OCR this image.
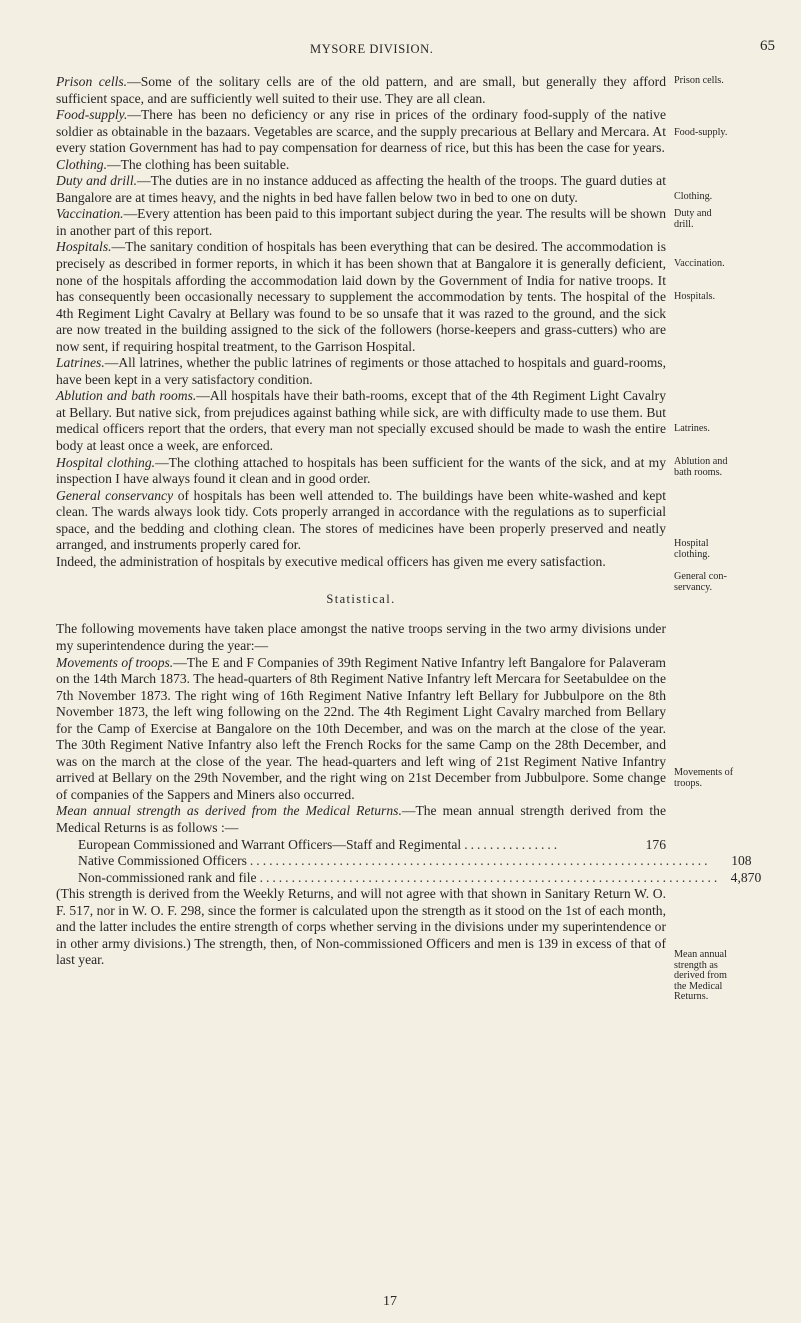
MYSORE DIVISION.	65

Prison cells.—Some of the solitary cells are of the old pattern, and are small, but generally they afford sufficient space, and are sufficiently well suited to their use. They are all clean.

Food-supply.—There has been no deficiency or any rise in prices of the ordinary food-supply of the native soldier as obtainable in the bazaars. Vegetables are scarce, and the supply precarious at Bellary and Mercara. At every station Government has had to pay compensation for dearness of rice, but this has been the case for years.

Clothing.—The clothing has been suitable.

Duty and drill.—The duties are in no instance adduced as affecting the health of the troops. The guard duties at Bangalore are at times heavy, and the nights in bed have fallen below two in bed to one on duty.

Vaccination.—Every attention has been paid to this important subject during the year. The results will be shown in another part of this report.

Hospitals.—The sanitary condition of hospitals has been everything that can be desired. The accommodation is precisely as described in former reports, in which it has been shown that at Bangalore it is generally deficient, none of the hospitals affording the accommodation laid down by the Government of India for native troops. It has consequently been occasionally necessary to supplement the accommodation by tents. The hospital of the 4th Regiment Light Cavalry at Bellary was found to be so unsafe that it was razed to the ground, and the sick are now treated in the building assigned to the sick of the followers (horse-keepers and grass-cutters) who are now sent, if requiring hospital treatment, to the Garrison Hospital.

Latrines.—All latrines, whether the public latrines of regiments or those attached to hospitals and guard-rooms, have been kept in a very satisfactory condition.

Ablution and bath rooms.—All hospitals have their bath-rooms, except that of the 4th Regiment Light Cavalry at Bellary. But native sick, from prejudices against bathing while sick, are with difficulty made to use them. But medical officers report that the orders, that every man not specially excused should be made to wash the entire body at least once a week, are enforced.

Hospital clothing.—The clothing attached to hospitals has been sufficient for the wants of the sick, and at my inspection I have always found it clean and in good order.

General conservancy of hospitals has been well attended to. The buildings have been white-washed and kept clean. The wards always look tidy. Cots properly arranged in accordance with the regulations as to superficial space, and the bedding and clothing clean. The stores of medicines have been properly preserved and neatly arranged, and instruments properly cared for.

Indeed, the administration of hospitals by executive medical officers has given me every satisfaction.

Statistical.

The following movements have taken place amongst the native troops serving in the two army divisions under my superintendence during the year:—

Movements of troops.—The E and F Companies of 39th Regiment Native Infantry left Bangalore for Palaveram on the 14th March 1873. The head-quarters of 8th Regiment Native Infantry left Mercara for Seetabuldee on the 7th November 1873. The right wing of 16th Regiment Native Infantry left Bellary for Jubbulpore on the 8th November 1873, the left wing following on the 22nd. The 4th Regiment Light Cavalry marched from Bellary for the Camp of Exercise at Bangalore on the 10th December, and was on the march at the close of the year. The 30th Regiment Native Infantry also left the French Rocks for the same Camp on the 28th December, and was on the march at the close of the year. The head-quarters and left wing of 21st Regiment Native Infantry arrived at Bellary on the 29th November, and the right wing on 21st December from Jubbulpore. Some change of companies of the Sappers and Miners also occurred.

Mean annual strength as derived from the Medical Returns.—The mean annual strength derived from the Medical Returns is as follows :—

European Commissioned and Warrant Officers—Staff and Regimental ...............	176
Native Commissioned Officers ........................................................................	108
Non-commissioned rank and file ........................................................................ 4,870

(This strength is derived from the Weekly Returns, and will not agree with that shown in Sanitary Return W. O. F. 517, nor in W. O. F. 298, since the former is calculated upon the strength as it stood on the 1st of each month, and the latter includes the entire strength of corps whether serving in the divisions under my superintendence or in other army divisions.) The strength, then, of Non-commissioned Officers and men is 139 in excess of that of last year.

Prison cells.
Food-supply.
Clothing.
Duty and
drill.
Vaccination.
Hospitals.
Latrines.
Ablution and
bath rooms.
Hospital
clothing.
General con-
servancy.
Movements of
troops.
Mean annual
strength as
derived from
the Medical
Returns.
17
